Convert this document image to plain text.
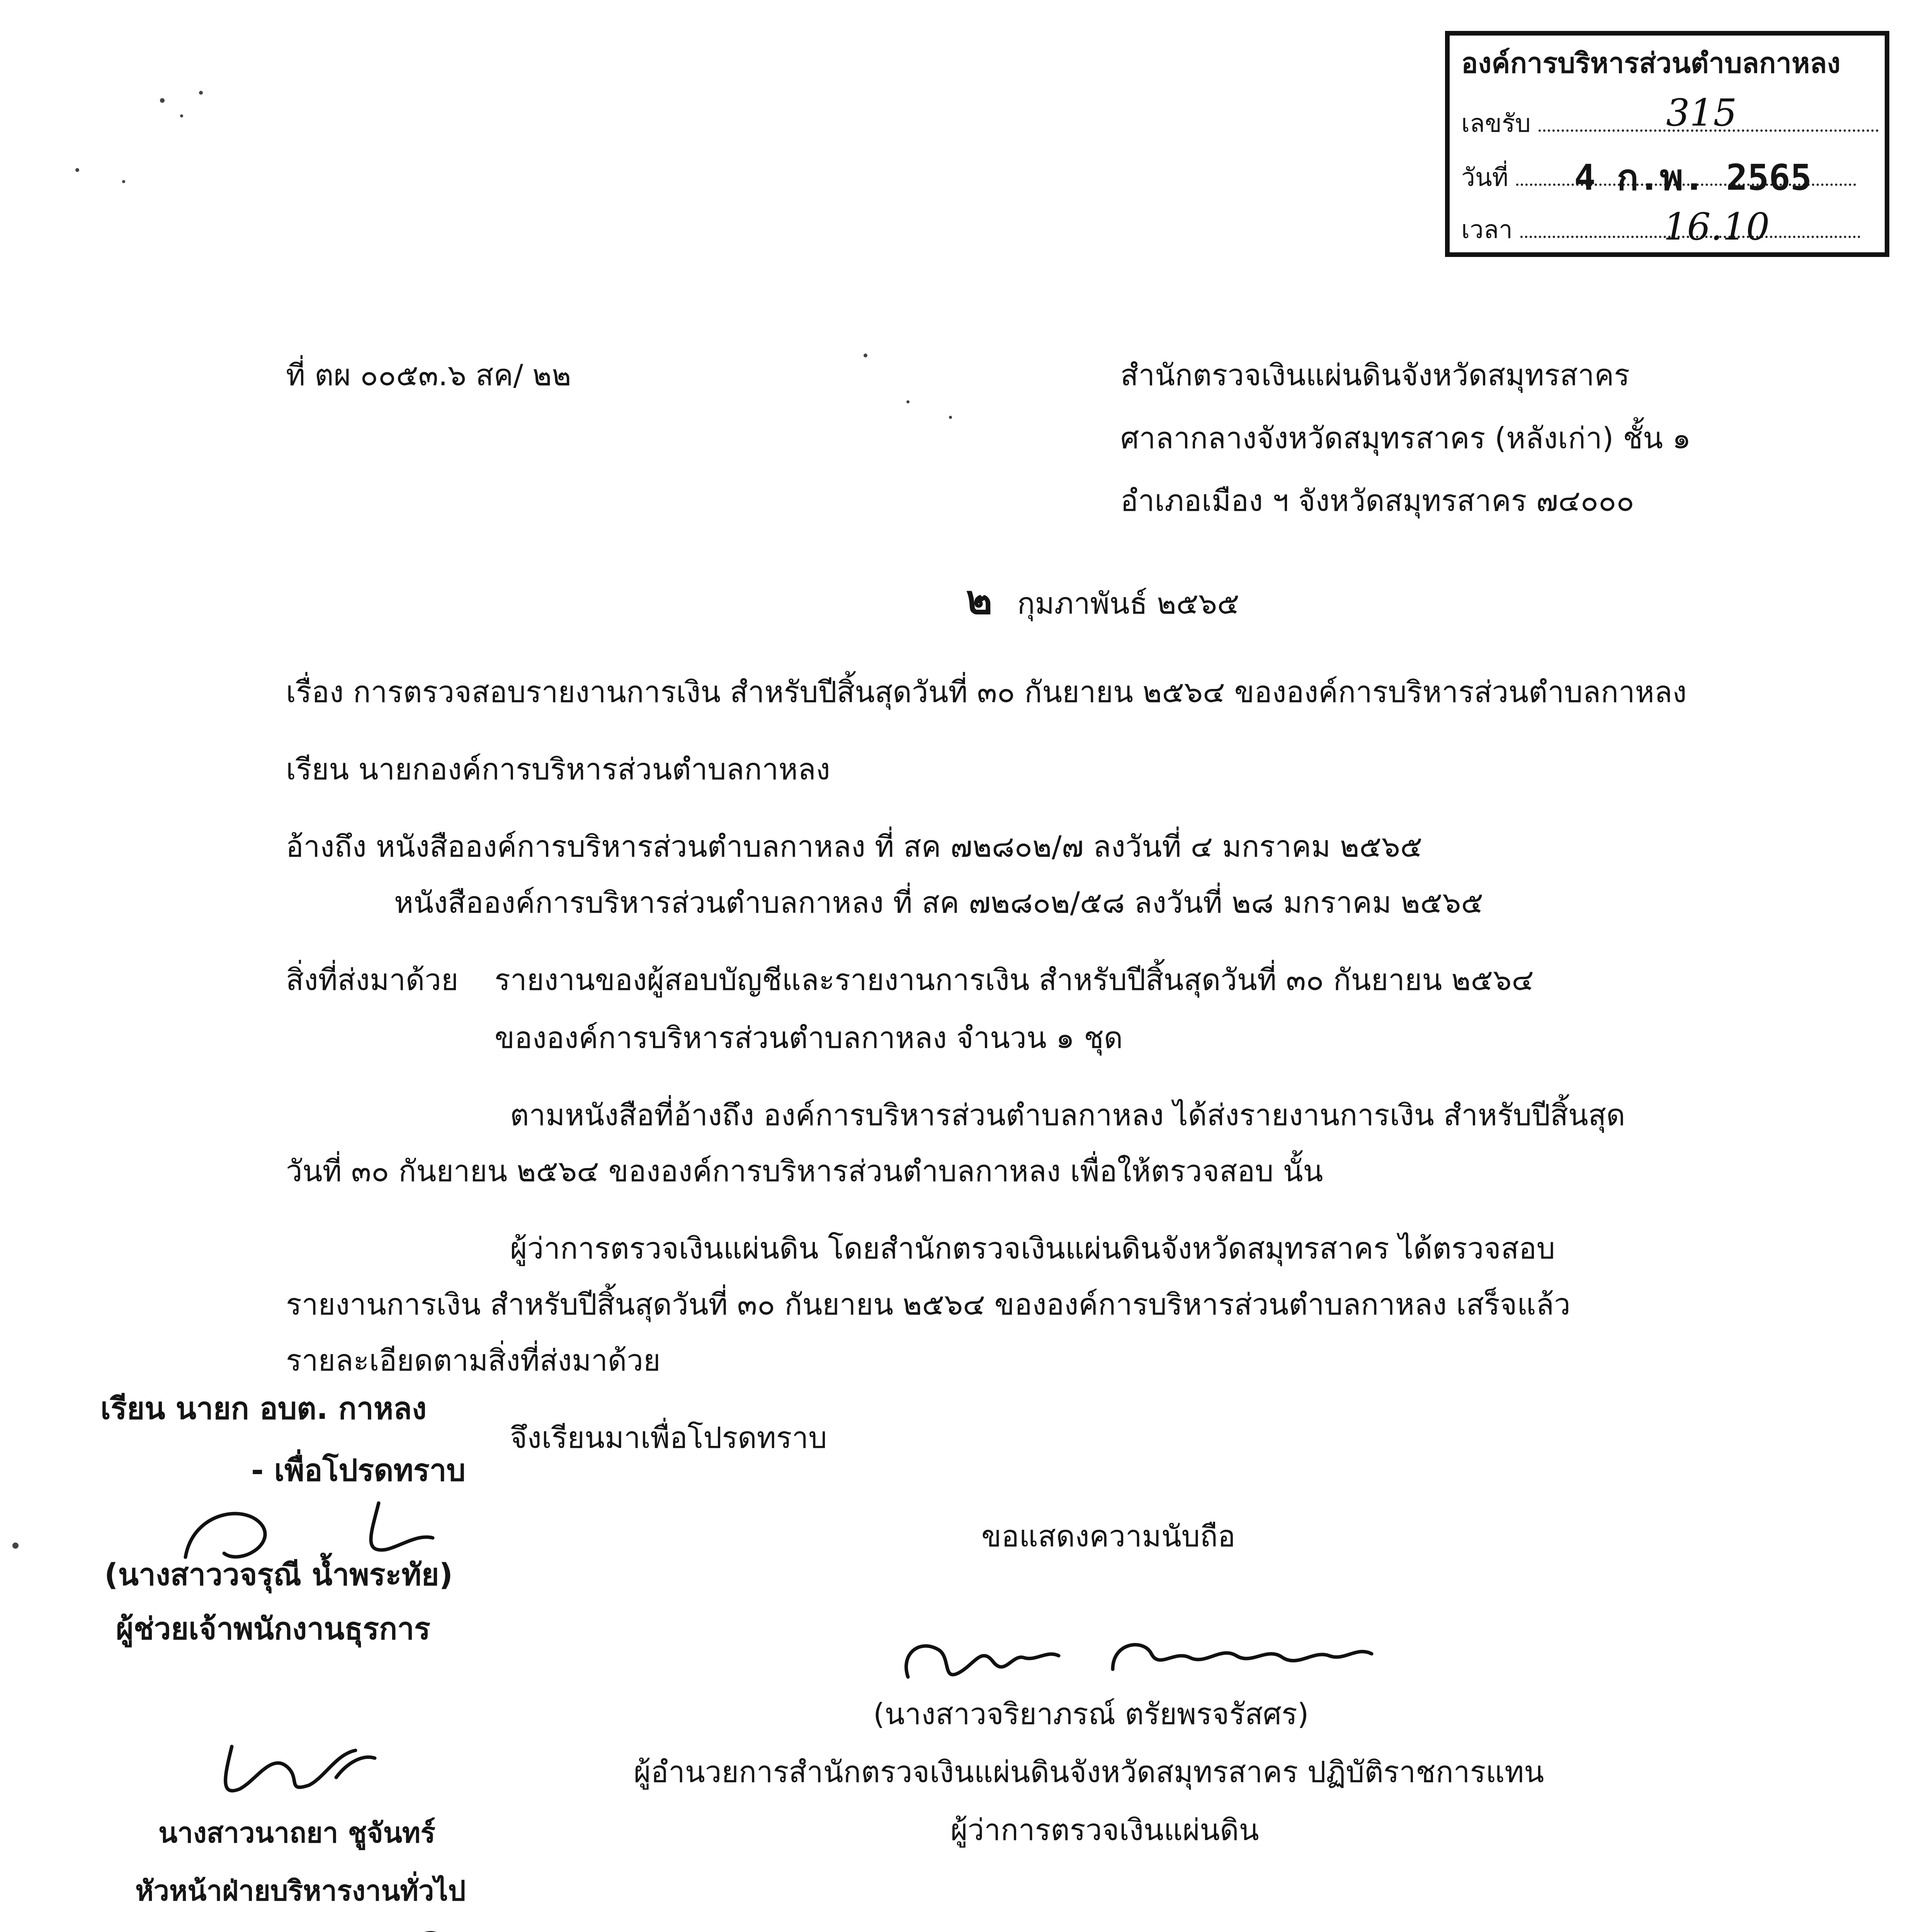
องค์การบริหารส่วนตำบลกาหลง
เลขรับ	315
วันที่ 4 ก.พ. 2565
เวลา	16.10
ที่ ตผ ๐๐๕๓.๖ สค/ ๒๒	สำนักตรวจเงินแผ่นดินจังหวัดสมุทรสาคร
ศาลากลางจังหวัดสมุทรสาคร (หลังเก่า) ชั้น ๑
อำเภอเมือง ฯ จังหวัดสมุทรสาคร ๗๔๐๐๐
๒ กุมภาพันธ์ ๒๕๖๕
เรื่อง การตรวจสอบรายงานการเงิน สำหรับปีสิ้นสุดวันที่ ๓๐ กันยายน ๒๕๖๔ ขององค์การบริหารส่วนตำบลกาหลง
เรียน นายกองค์การบริหารส่วนตำบลกาหลง
อ้างถึง หนังสือองค์การบริหารส่วนตำบลกาหลง ที่ สค ๗๒๘๐๒/๗ ลงวันที่ ๔ มกราคม ๒๕๖๕
หนังสือองค์การบริหารส่วนตำบลกาหลง ที่ สค ๗๒๘๐๒/๕๘ ลงวันที่ ๒๘ มกราคม ๒๕๖๕
สิ่งที่ส่งมาด้วย รายงานของผู้สอบบัญชีและรายงานการเงิน สำหรับปีสิ้นสุดวันที่ ๓๐ กันยายน ๒๕๖๔
ขององค์การบริหารส่วนตำบลกาหลง จำนวน ๑ ชุด
ตามหนังสือที่อ้างถึง องค์การบริหารส่วนตำบลกาหลง ได้ส่งรายงานการเงิน สำหรับปีสิ้นสุด
วันที่ ๓๐ กันยายน ๒๕๖๔ ขององค์การบริหารส่วนตำบลกาหลง เพื่อให้ตรวจสอบ นั้น
ผู้ว่าการตรวจเงินแผ่นดิน โดยสำนักตรวจเงินแผ่นดินจังหวัดสมุทรสาคร ได้ตรวจสอบ
รายงานการเงิน สำหรับปีสิ้นสุดวันที่ ๓๐ กันยายน ๒๕๖๔ ขององค์การบริหารส่วนตำบลกาหลง เสร็จแล้ว
รายละเอียดตามสิ่งที่ส่งมาด้วย
จึงเรียนมาเพื่อโปรดทราบ
ขอแสดงความนับถือ
(นางสาวจริยาภรณ์ ตรัยพรจรัสศร)
ผู้อำนวยการสำนักตรวจเงินแผ่นดินจังหวัดสมุทรสาคร ปฏิบัติราชการแทน
ผู้ว่าการตรวจเงินแผ่นดิน
เรียน นายก อบต. กาหลง
- เพื่อโปรดทราบ
(นางสาววจรุณี น้ำพระทัย)
ผู้ช่วยเจ้าพนักงานธุรการ
นางสาวนาถยา ชูจันทร์
หัวหน้าฝ่ายบริหารงานทั่วไป
